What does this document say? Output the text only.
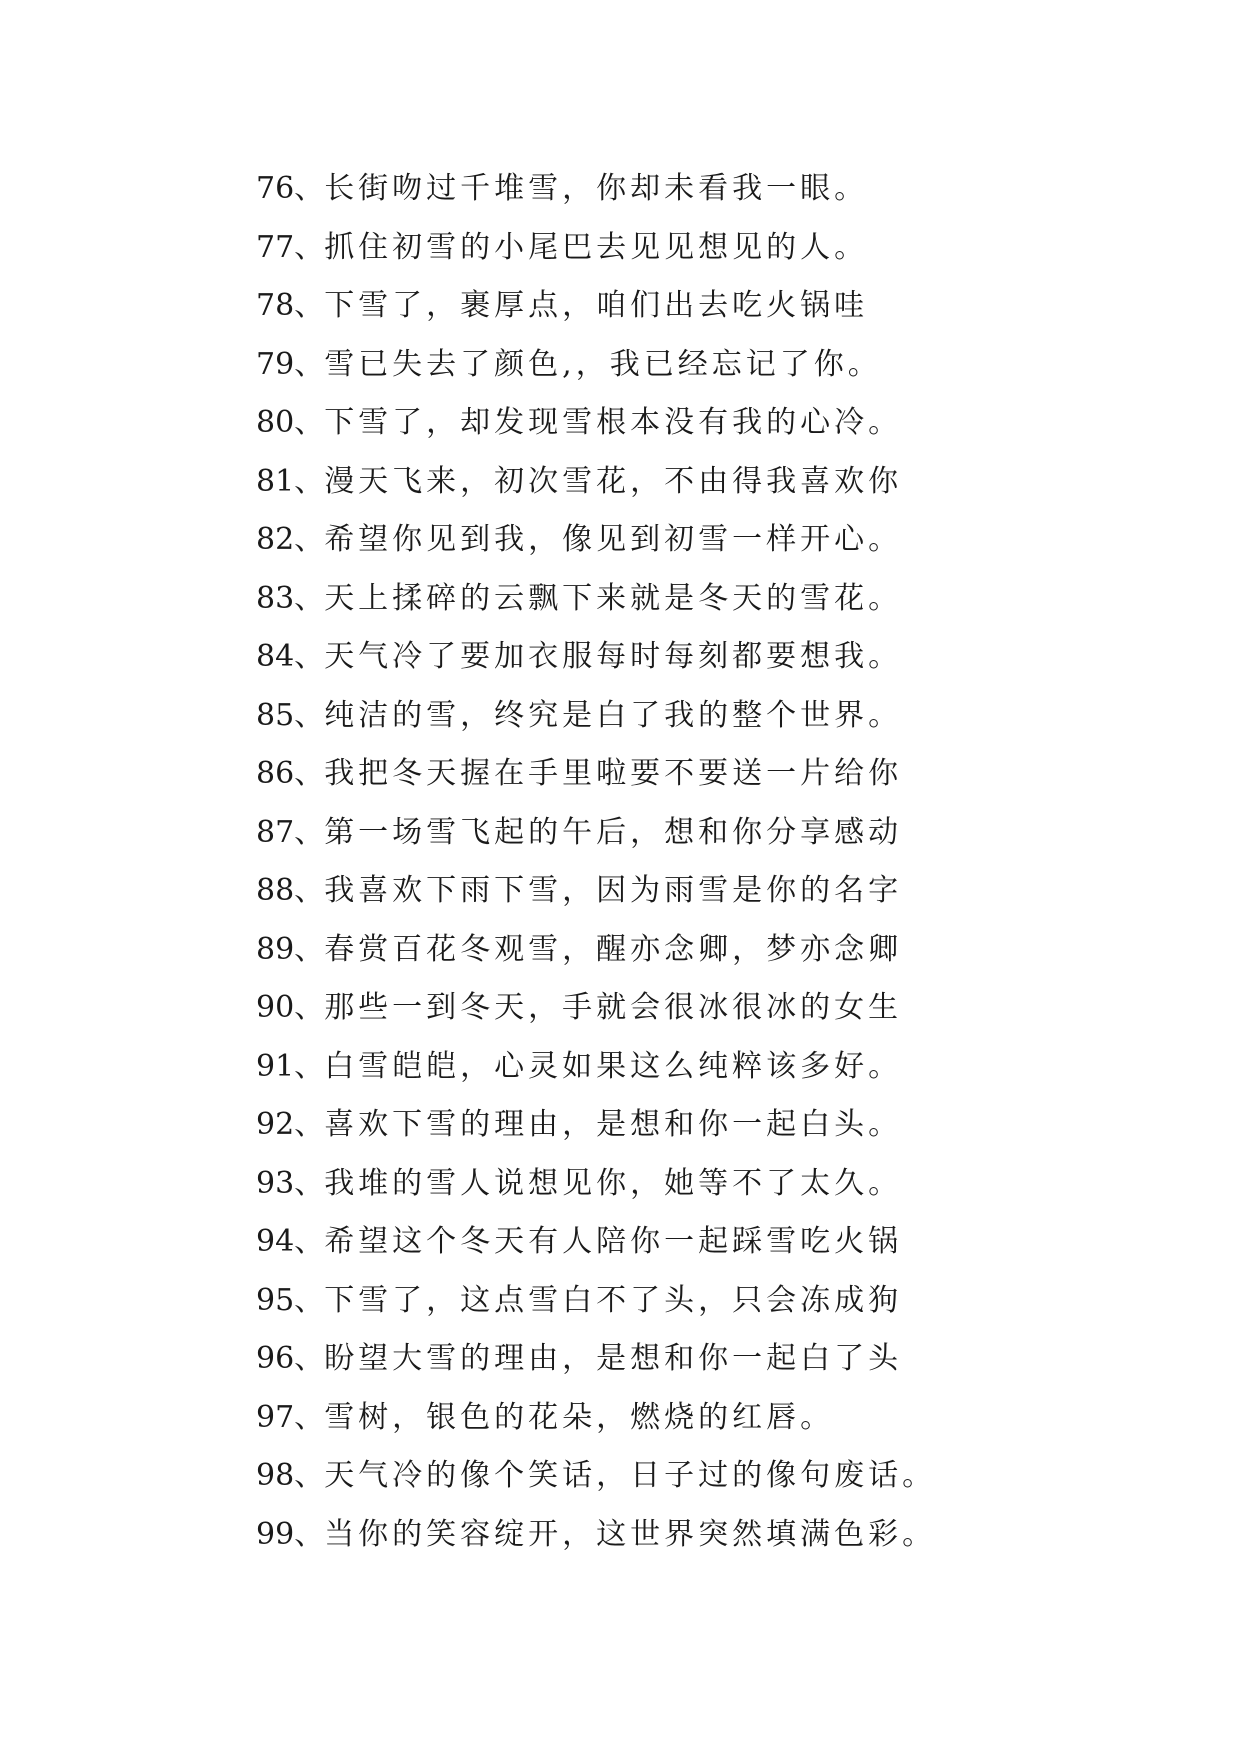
76、长街吻过千堆雪，你却未看我一眼。
77、抓住初雪的小尾巴去见见想见的人。
78、下雪了，裹厚点，咱们出去吃火锅哇
79、雪已失去了颜色,，我已经忘记了你。
80、下雪了，却发现雪根本没有我的心冷。
81、漫天飞来，初次雪花，不由得我喜欢你
82、希望你见到我，像见到初雪一样开心。
83、天上揉碎的云飘下来就是冬天的雪花。
84、天气冷了要加衣服每时每刻都要想我。
85、纯洁的雪，终究是白了我的整个世界。
86、我把冬天握在手里啦要不要送一片给你
87、第一场雪飞起的午后，想和你分享感动
88、我喜欢下雨下雪，因为雨雪是你的名字
89、春赏百花冬观雪，醒亦念卿，梦亦念卿
90、那些一到冬天，手就会很冰很冰的女生
91、白雪皑皑，心灵如果这么纯粹该多好。
92、喜欢下雪的理由，是想和你一起白头。
93、我堆的雪人说想见你，她等不了太久。
94、希望这个冬天有人陪你一起踩雪吃火锅
95、下雪了，这点雪白不了头，只会冻成狗
96、盼望大雪的理由，是想和你一起白了头
97、雪树，银色的花朵，燃烧的红唇。
98、天气冷的像个笑话，日子过的像句废话。
99、当你的笑容绽开，这世界突然填满色彩。
